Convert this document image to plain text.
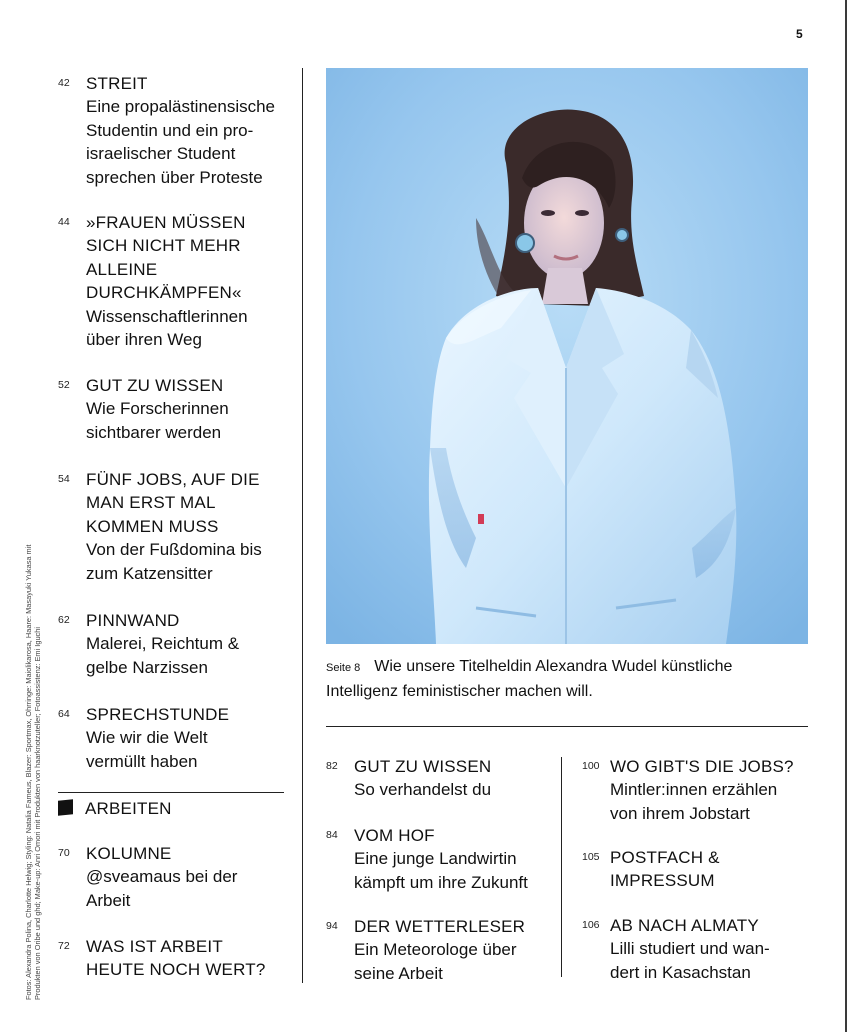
5
Fotos: Alexandra Polina, Charlotte Helwig; Styling: Natalia Fameus, Blazer: Sportmax, Ohrringe: Maiolikarosa, Haare: Masayuki Yukasa mit Produkten von Oribe und ghd; Make-up: Anri Omori mit Produkten von haarknotzuteller; Fotoassistenz: Emi Iguchi
42 STREIT
Eine propalästinensische
Studentin und ein pro-
israelischer Student
sprechen über Proteste
44 »FRAUEN MÜSSEN
SICH NICHT MEHR
ALLEINE
DURCHKÄMPFEN«
Wissenschaftlerinnen
über ihren Weg
52 GUT ZU WISSEN
Wie Forscherinnen
sichtbarer werden
54 FÜNF JOBS, AUF DIE
MAN ERST MAL
KOMMEN MUSS
Von der Fußdomina bis
zum Katzensitter
62 PINNWAND
Malerei, Reichtum &
gelbe Narzissen
64 SPRECHSTUNDE
Wie wir die Welt
vermüllt haben
ARBEITEN
70 KOLUMNE
@sveamaus bei der
Arbeit
72 WAS IST ARBEIT
HEUTE NOCH WERT?
Seite 8 Wie unsere Titelheldin Alexandra Wudel künstliche
Intelligenz feministischer machen will.
82 GUT ZU WISSEN
So verhandelst du
84 VOM HOF
Eine junge Landwirtin
kämpft um ihre Zukunft
94 DER WETTERLESER
Ein Meteorologe über
seine Arbeit
100 WO GIBT'S DIE JOBS?
Mintler:innen erzählen
von ihrem Jobstart
105 POSTFACH &
IMPRESSUM
106 AB NACH ALMATY
Lilli studiert und wan-
dert in Kasachstan
